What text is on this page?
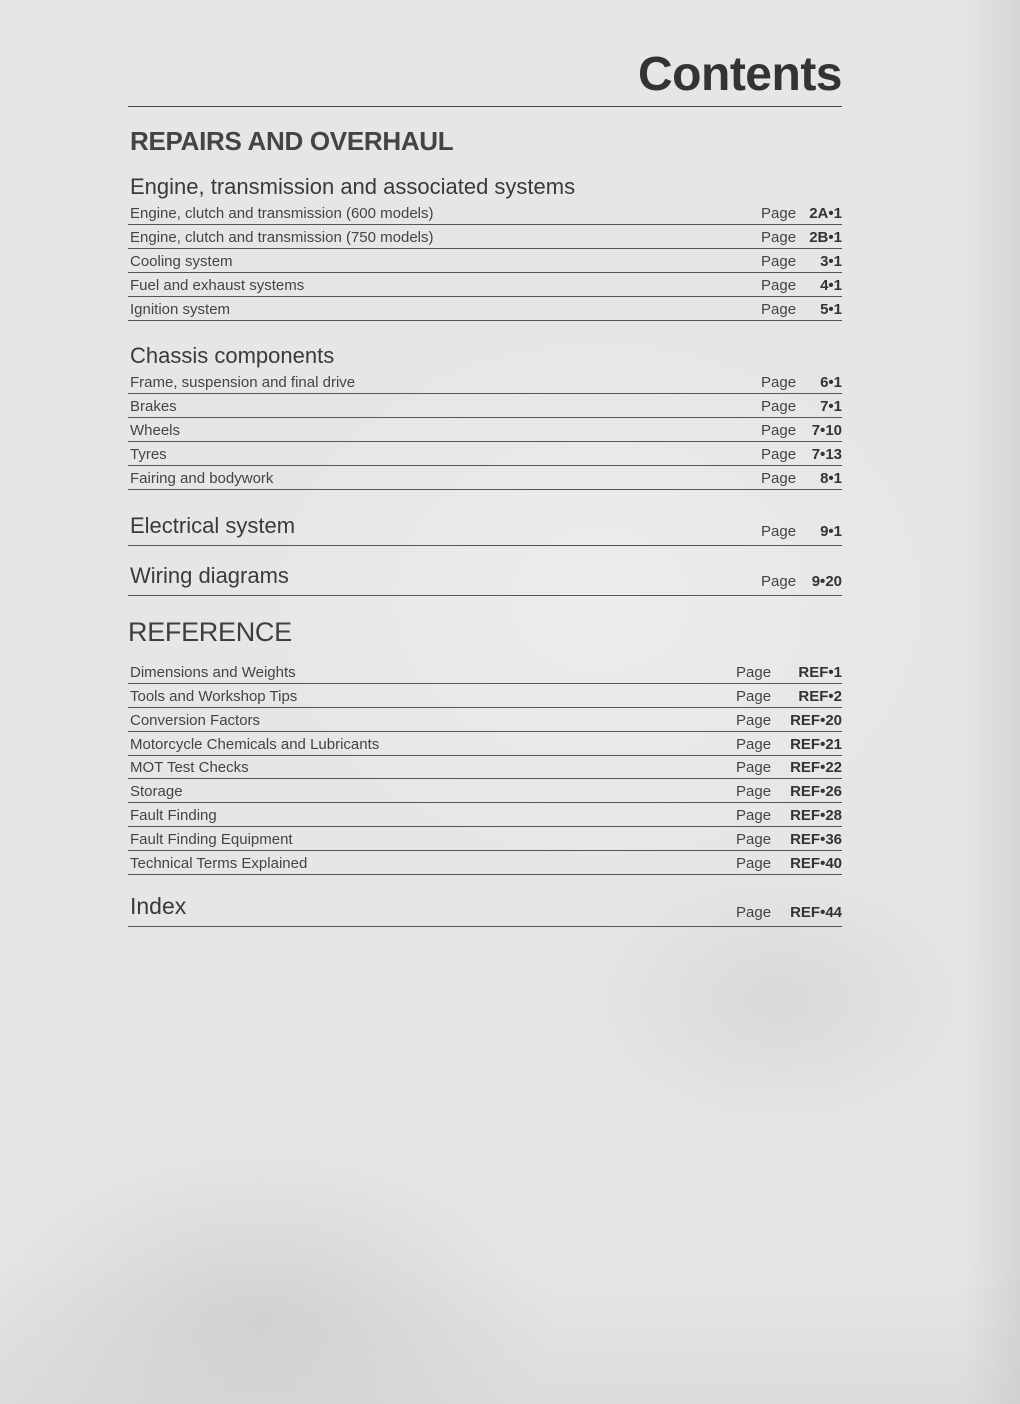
Contents
REPAIRS AND OVERHAUL
Engine, transmission and associated systems
Engine, clutch and transmission (600 models)	Page 2A•1
Engine, clutch and transmission (750 models)	Page 2B•1
Cooling system	Page 3•1
Fuel and exhaust systems	Page 4•1
Ignition system	Page 5•1
Chassis components
Frame, suspension and final drive	Page 6•1
Brakes	Page 7•1
Wheels	Page 7•10
Tyres	Page 7•13
Fairing and bodywork	Page 8•1
Electrical system	Page 9•1
Wiring diagrams	Page 9•20
REFERENCE
Dimensions and Weights	Page REF•1
Tools and Workshop Tips	Page REF•2
Conversion Factors	Page REF•20
Motorcycle Chemicals and Lubricants	Page REF•21
MOT Test Checks	Page REF•22
Storage	Page REF•26
Fault Finding	Page REF•28
Fault Finding Equipment	Page REF•36
Technical Terms Explained	Page REF•40
Index	Page REF•44
